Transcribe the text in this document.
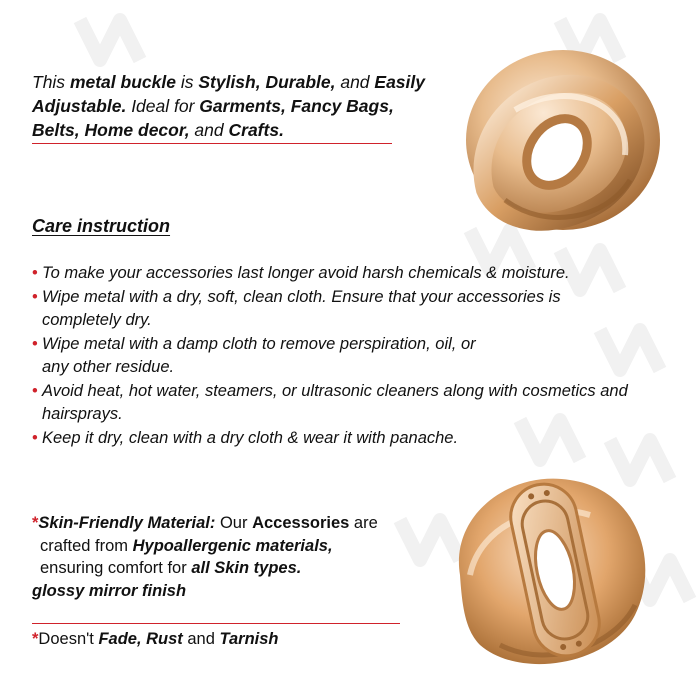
This metal buckle is Stylish, Durable, and Easily Adjustable. Ideal for Garments, Fancy Bags, Belts, Home decor, and Crafts.
Care instruction
• To make your accessories last longer avoid harsh chemicals & moisture.
• Wipe metal with a dry, soft, clean cloth. Ensure that your accessories is completely dry.
• Wipe metal with a damp cloth to remove perspiration, oil, or any other residue.
• Avoid heat, hot water, steamers, or ultrasonic cleaners along with cosmetics and hairsprays.
• Keep it dry, clean with a dry cloth & wear it with panache.
*Skin-Friendly Material: Our Accessories are
crafted from Hypoallergenic materials,
ensuring comfort for all Skin types.
glossy mirror finish
*Doesn't Fade, Rust and Tarnish
